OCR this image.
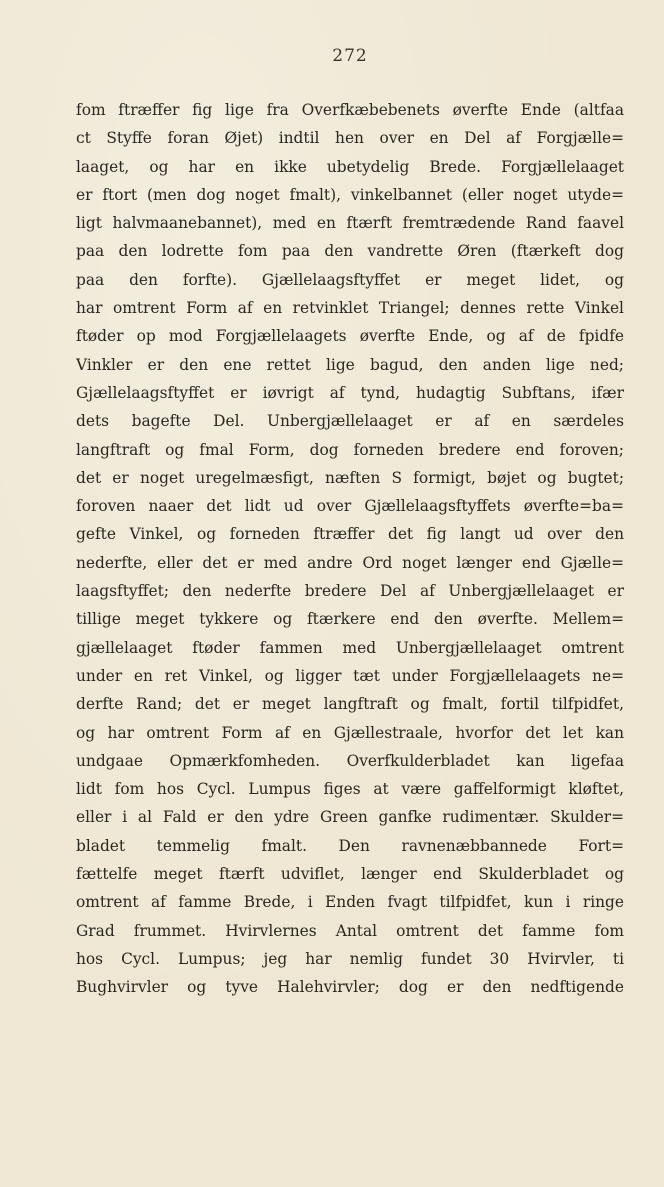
272
fom ftræffer fig lige fra Overfkæbebenets øverfte Ende (altfaa
ᴄt Styffe foran Øjet) indtil hen over en Del af Forgjælle=
laaget, og har en ikke ubetydelig Brede. Forgjællelaaget
er ftort (men dog noget fmalt), vinkelbannet (eller noget utyde=
ligt halvmaanebannet), med en ftærft fremtrædende Rand faavel
paa den lodrette fom paa den vandrette Øren (ftærkeft dog
paa den forfte). Gjællelaagsftyffet er meget lidet, og
har omtrent Form af en retvinklet Triangel; dennes rette Vinkel
ftøder op mod Forgjællelaagets øverfte Ende, og af de fpidfe
Vinkler er den ene rettet lige bagud, den anden lige ned;
Gjællelaagsftyffet er iøvrigt af tynd, hudagtig Subftans, ifær
dets bagefte Del. Unbergjællelaaget er af en særdeles
langftraft og fmal Form, dog forneden bredere end foroven;
det er noget uregelmæsfigt, næften S formigt, bøjet og bugtet;
foroven naaer det lidt ud over Gjællelaagsftyffets øverfte=ba=
gefte Vinkel, og forneden ftræffer det fig langt ud over den
nederfte, eller det er med andre Ord noget længer end Gjælle=
laagsftyffet; den nederfte bredere Del af Unbergjællelaaget er
tillige meget tykkere og ftærkere end den øverfte. Mellem=
gjællelaaget ftøder fammen med Unbergjællelaaget omtrent
under en ret Vinkel, og ligger tæt under Forgjællelaagets ne=
derfte Rand; det er meget langftraft og fmalt, fortil tilfpidfet,
og har omtrent Form af en Gjællestraale, hvorfor det let kan
undgaae Opmærkfomheden. Overfkulderbladet kan ligefaa
lidt fom hos Cycl. Lumpus figes at være gaffelformigt kløftet,
eller i al Fald er den ydre Green ganfke rudimentær. Skulder=
bladet temmelig fmalt. Den ravnenæbbannede Fort=
fættelfe meget ftærft udviflet, længer end Skulderbladet og
omtrent af famme Brede, i Enden fvagt tilfpidfet, kun i ringe
Grad frummet. Hvirvlernes Antal omtrent det famme fom
hos Cycl. Lumpus; jeg har nemlig fundet 30 Hvirvler, ti
Bughvirvler og tyve Halehvirvler; dog er den nedftigende
